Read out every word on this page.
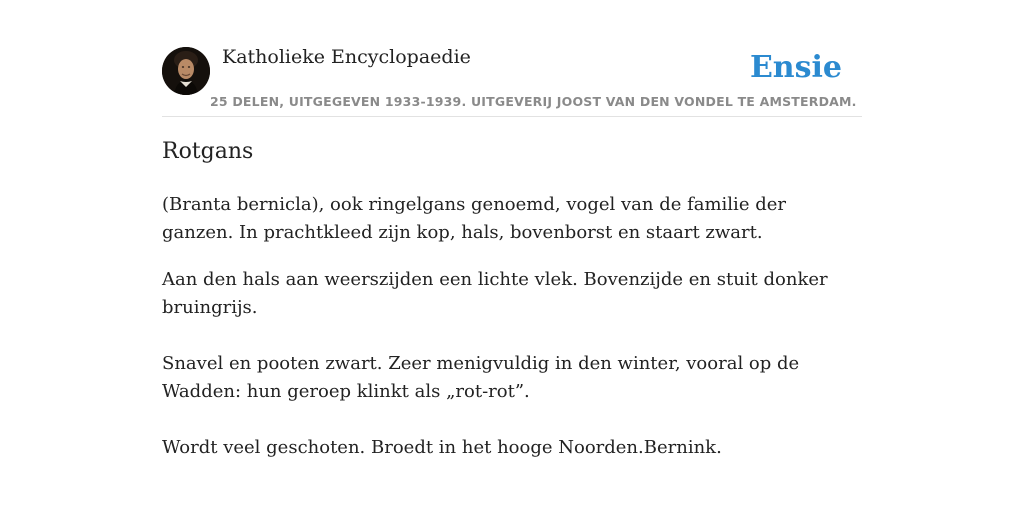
Katholieke Encyclopaedie
25 DELEN, UITGEGEVEN 1933-1939. UITGEVERIJ JOOST VAN DEN VONDEL TE AMSTERDAM.
Ensie
Rotgans

(Branta bernicla), ook ringelgans genoemd, vogel van de familie der ganzen. In prachtkleed zijn kop, hals, bovenborst en staart zwart.

Aan den hals aan weerszijden een lichte vlek. Bovenzijde en stuit donker bruingrijs.

Snavel en pooten zwart. Zeer menigvuldig in den winter, vooral op de Wadden: hun geroep klinkt als „rot-rot”.

Wordt veel geschoten. Broedt in het hooge Noorden.Bernink.
